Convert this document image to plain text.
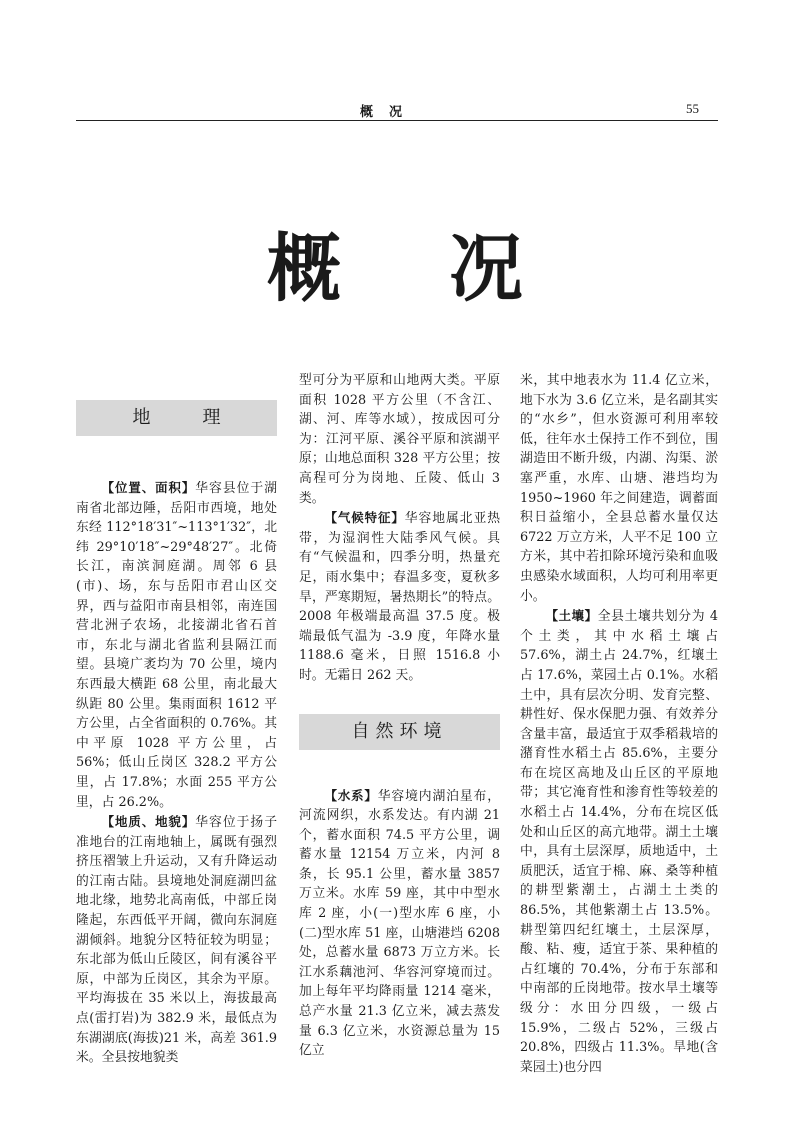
概况	55
概况
地理

【位置、面积】华容县位于湖南省北部边陲，岳阳市西境，地处东经 112°18′31″~113°1′32″，北纬 29°10′18″~29°48′27″。北倚长江，南滨洞庭湖。周邻 6 县(市)、场，东与岳阳市君山区交界，西与益阳市南县相邻，南连国营北洲子农场，北接湖北省石首市，东北与湖北省监利县隔江而望。县境广袤均为 70 公里，境内东西最大横距 68 公里，南北最大纵距 80 公里。集雨面积 1612 平方公里，占全省面积的 0.76%。其中平原 1028 平方公里，占 56%；低山丘岗区 328.2 平方公里，占 17.8%；水面 255 平方公里，占 26.2%。

【地质、地貌】华容位于扬子准地台的江南地轴上，属既有强烈挤压褶皱上升运动，又有升降运动的江南古陆。县境地处洞庭湖凹盆地北缘，地势北高南低，中部丘岗隆起，东西低平开阔，微向东洞庭湖倾斜。地貌分区特征较为明显；东北部为低山丘陵区，间有溪谷平原，中部为丘岗区，其余为平原。平均海拔在 35 米以上，海拔最高点(雷打岩)为 382.9 米，最低点为东湖湖底(海拔)21 米，高差 361.9 米。全县按地貌类

型可分为平原和山地两大类。平原面积 1028 平方公里（不含江、湖、河、库等水域），按成因可分为：江河平原、溪谷平原和滨湖平原；山地总面积 328 平方公里；按高程可分为岗地、丘陵、低山 3 类。

【气候特征】华容地属北亚热带，为湿润性大陆季风气候。具有“气候温和，四季分明，热量充足，雨水集中；春温多变，夏秋多旱，严寒期短，暑热期长”的特点。2008 年极端最高温 37.5 度。极端最低气温为 -3.9 度，年降水量 1188.6 毫米，日照 1516.8 小时。无霜日 262 天。

自然环境

【水系】华容境内湖泊星布，河流网织，水系发达。有内湖 21 个，蓄水面积 74.5 平方公里，调蓄水量 12154 万立米，内河 8 条，长 95.1 公里，蓄水量 3857 万立米。水库 59 座，其中中型水库 2 座，小(一)型水库 6 座，小(二)型水库 51 座，山塘港垱 6208 处，总蓄水量 6873 万立方米。长江水系藕池河、华容河穿境而过。加上每年平均降雨量 1214 毫米，总产水量 21.3 亿立米，减去蒸发量 6.3 亿立米，水资源总量为 15 亿立

米，其中地表水为 11.4 亿立米，地下水为 3.6 亿立米，是名副其实的“水乡”，但水资源可利用率较低，往年水土保持工作不到位，围湖造田不断升级，内湖、沟渠、淤塞严重，水库、山塘、港垱均为 1950~1960 年之间建造，调蓄面积日益缩小，全县总蓄水量仅达 6722 万立方米，人平不足 100 立方米，其中若扣除环境污染和血吸虫感染水域面积，人均可利用率更小。

【土壤】全县土壤共划分为 4 个土类，其中水稻土壤占 57.6%，湖土占 24.7%，红壤土占 17.6%，菜园土占 0.1%。水稻土中，具有层次分明、发育完整、耕性好、保水保肥力强、有效养分含量丰富，最适宜于双季稻栽培的潴育性水稻土占 85.6%，主要分布在垸区高地及山丘区的平原地带；其它淹育性和渗育性等较差的水稻土占 14.4%，分布在垸区低处和山丘区的高亢地带。湖土土壤中，具有土层深厚，质地适中，土质肥沃，适宜于棉、麻、桑等种植的耕型紫潮土，占湖土土类的 86.5%，其他紫潮土占 13.5%。耕型第四纪红壤土，土层深厚，酸、粘、瘦，适宜于茶、果种植的占红壤的 70.4%，分布于东部和中南部的丘岗地带。按水旱土壤等级分：水田分四级，一级占 15.9%，二级占 52%，三级占 20.8%，四级占 11.3%。旱地(含菜园土)也分四
